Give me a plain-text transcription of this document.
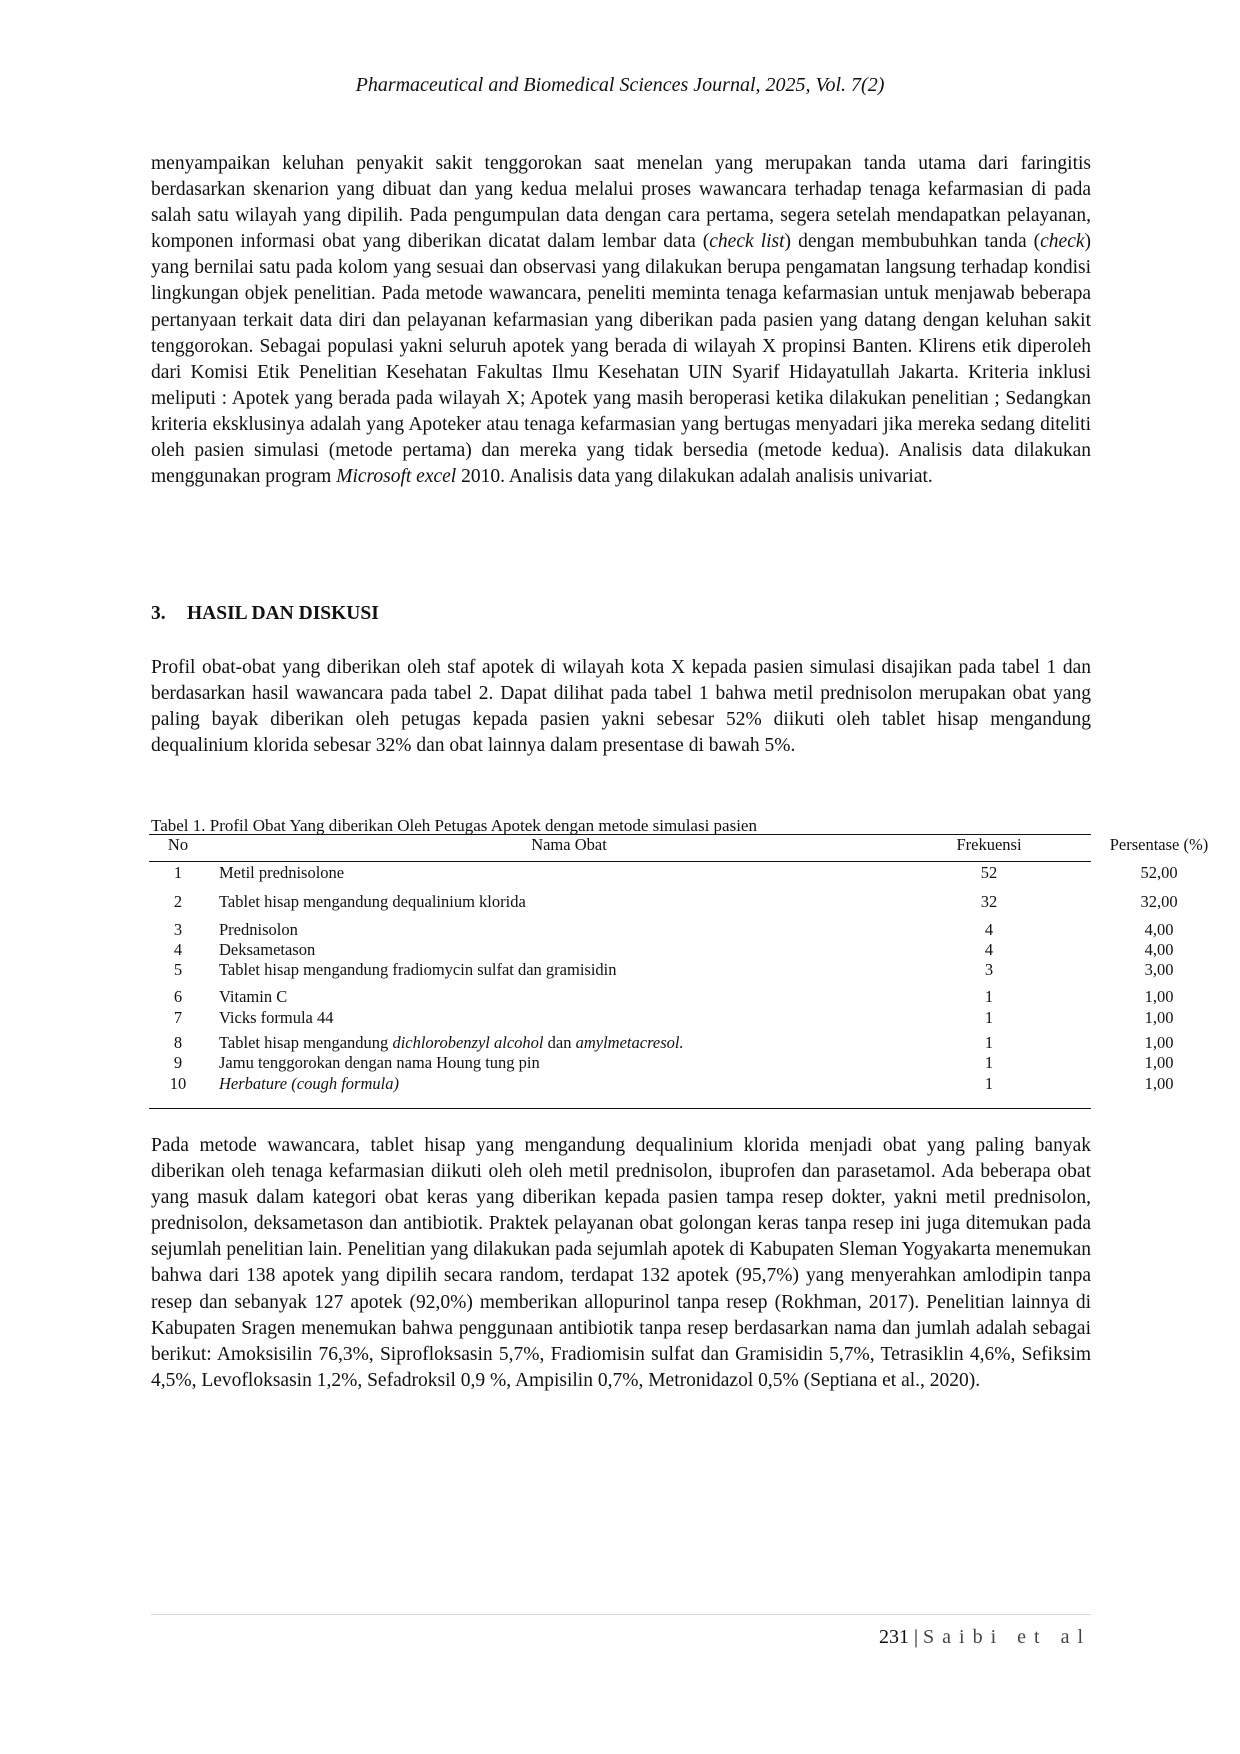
Pharmaceutical and Biomedical Sciences Journal, 2025, Vol. 7(2)

menyampaikan keluhan penyakit sakit tenggorokan saat menelan yang merupakan tanda utama dari faringitis berdasarkan skenarion yang dibuat dan yang kedua melalui proses wawancara terhadap tenaga kefarmasian di pada salah satu wilayah yang dipilih. Pada pengumpulan data dengan cara pertama, segera setelah mendapatkan pelayanan, komponen informasi obat yang diberikan dicatat dalam lembar data (check list) dengan membubuhkan tanda (check) yang bernilai satu pada kolom yang sesuai dan observasi yang dilakukan berupa pengamatan langsung terhadap kondisi lingkungan objek penelitian. Pada metode wawancara, peneliti meminta tenaga kefarmasian untuk menjawab beberapa pertanyaan terkait data diri dan pelayanan kefarmasian yang diberikan pada pasien yang datang dengan keluhan sakit tenggorokan. Sebagai populasi yakni seluruh apotek yang berada di wilayah X propinsi Banten. Klirens etik diperoleh dari Komisi Etik Penelitian Kesehatan Fakultas Ilmu Kesehatan UIN Syarif Hidayatullah Jakarta. Kriteria inklusi meliputi : Apotek yang berada pada wilayah X; Apotek yang masih beroperasi ketika dilakukan penelitian ; Sedangkan kriteria eksklusinya adalah yang Apoteker atau tenaga kefarmasian yang bertugas menyadari jika mereka sedang diteliti oleh pasien simulasi (metode pertama) dan mereka yang tidak bersedia (metode kedua). Analisis data dilakukan menggunakan program Microsoft excel 2010. Analisis data yang dilakukan adalah analisis univariat.

3. HASIL DAN DISKUSI

Profil obat-obat yang diberikan oleh staf apotek di wilayah kota X kepada pasien simulasi disajikan pada tabel 1 dan berdasarkan hasil wawancara pada tabel 2. Dapat dilihat pada tabel 1 bahwa metil prednisolon merupakan obat yang paling bayak diberikan oleh petugas kepada pasien yakni sebesar 52% diikuti oleh tablet hisap mengandung dequalinium klorida sebesar 32% dan obat lainnya dalam presentase di bawah 5%.

Tabel 1. Profil Obat Yang diberikan Oleh Petugas Apotek dengan metode simulasi pasien
No	Nama Obat	Frekuensi	Persentase (%)
1	Metil prednisolone	52	52,00
2	Tablet hisap mengandung dequalinium klorida	32	32,00
3	Prednisolon	4	4,00
4	Deksametason	4	4,00
5	Tablet hisap mengandung fradiomycin sulfat dan gramisidin	3	3,00
6	Vitamin C	1	1,00
7	Vicks formula 44	1	1,00
8	Tablet hisap mengandung dichlorobenzyl alcohol dan amylmetacresol.	1	1,00
9	Jamu tenggorokan dengan nama Houng tung pin	1	1,00
10	Herbature (cough formula)	1	1,00

Pada metode wawancara, tablet hisap yang mengandung dequalinium klorida menjadi obat yang paling banyak diberikan oleh tenaga kefarmasian diikuti oleh oleh metil prednisolon, ibuprofen dan parasetamol. Ada beberapa obat yang masuk dalam kategori obat keras yang diberikan kepada pasien tampa resep dokter, yakni metil prednisolon, prednisolon, deksametason dan antibiotik. Praktek pelayanan obat golongan keras tanpa resep ini juga ditemukan pada sejumlah penelitian lain. Penelitian yang dilakukan pada sejumlah apotek di Kabupaten Sleman Yogyakarta menemukan bahwa dari 138 apotek yang dipilih secara random, terdapat 132 apotek (95,7%) yang menyerahkan amlodipin tanpa resep dan sebanyak 127 apotek (92,0%) memberikan allopurinol tanpa resep (Rokhman, 2017). Penelitian lainnya di Kabupaten Sragen menemukan bahwa penggunaan antibiotik tanpa resep berdasarkan nama dan jumlah adalah sebagai berikut: Amoksisilin 76,3%, Siprofloksasin 5,7%, Fradiomisin sulfat dan Gramisidin 5,7%, Tetrasiklin 4,6%, Sefiksim 4,5%, Levofloksasin 1,2%, Sefadroksil 0,9 %, Ampisilin 0,7%, Metronidazol 0,5% (Septiana et al., 2020).

231 | Saibi et al
